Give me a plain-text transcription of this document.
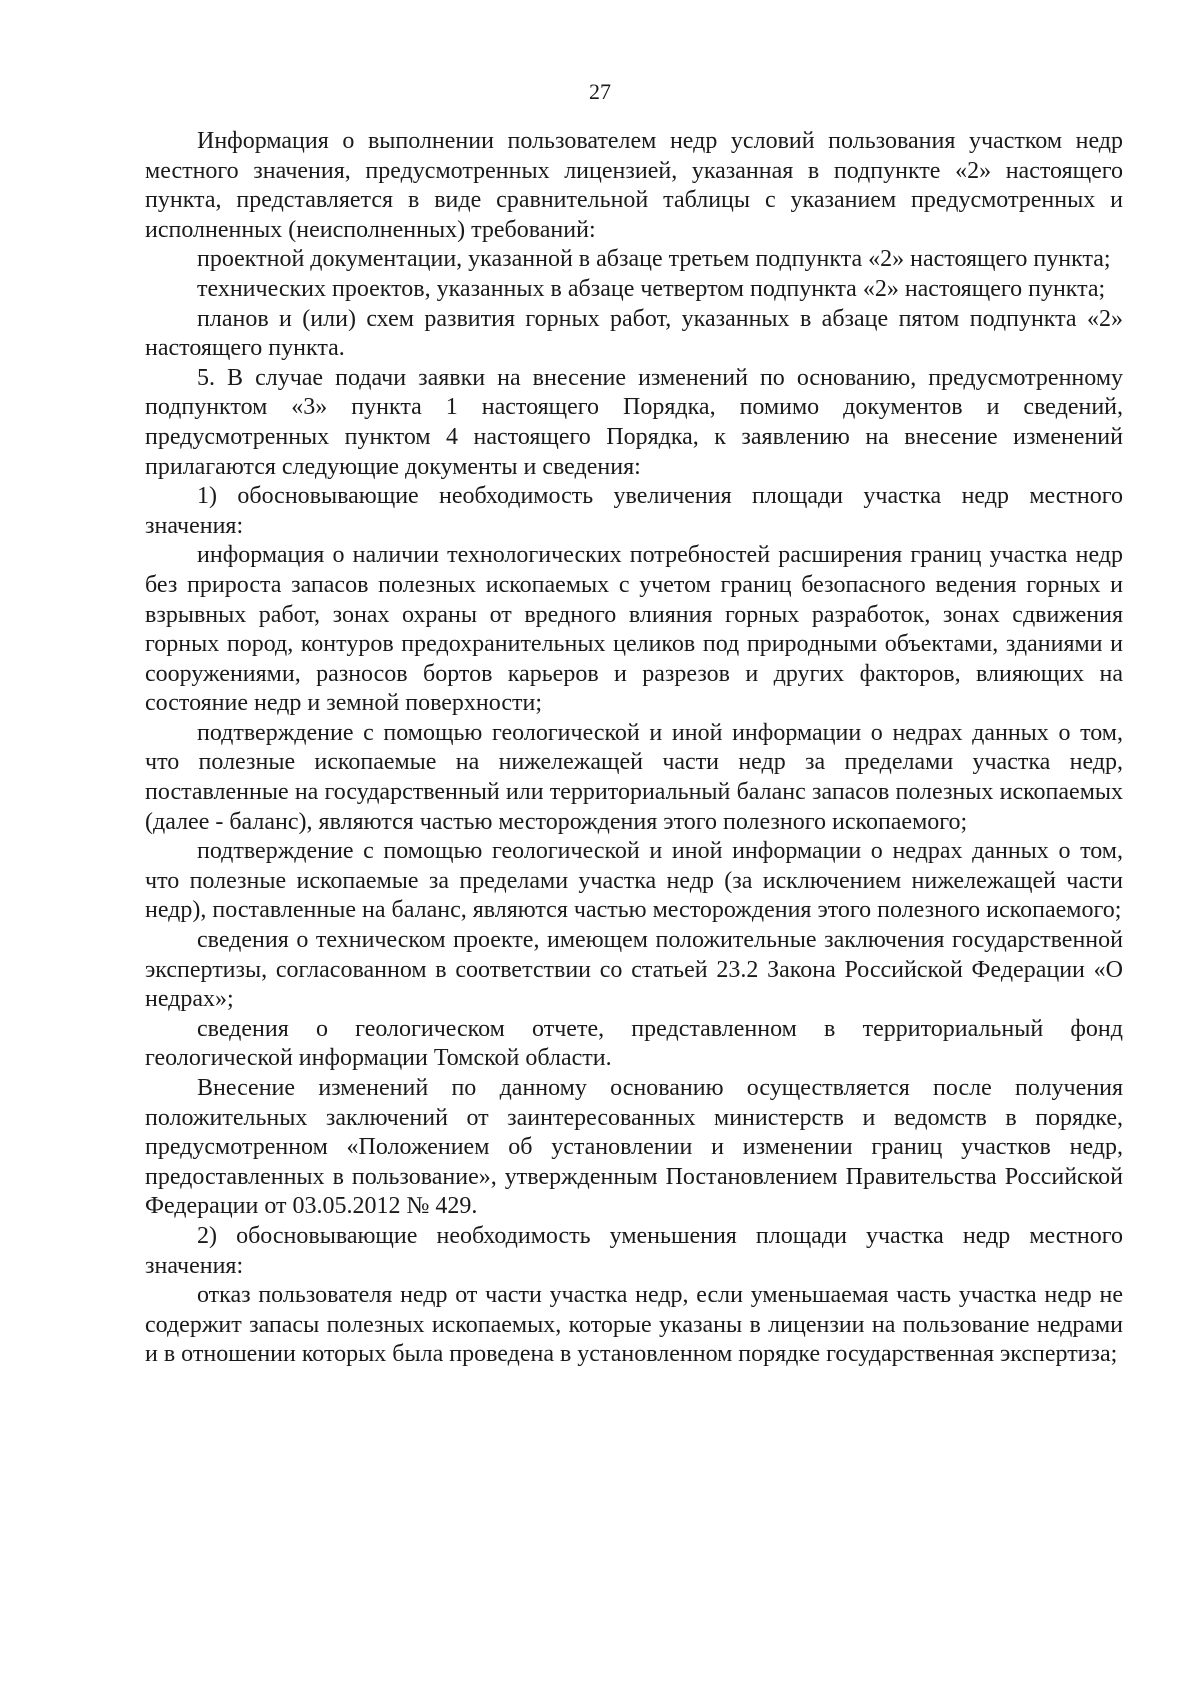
27

Информация о выполнении пользователем недр условий пользования участком недр местного значения, предусмотренных лицензией, указанная в подпункте «2» настоящего пункта, представляется в виде сравнительной таблицы с указанием предусмотренных и исполненных (неисполненных) требований:

проектной документации, указанной в абзаце третьем подпункта «2» настоящего пункта;

технических проектов, указанных в абзаце четвертом подпункта «2» настоящего пункта;

планов и (или) схем развития горных работ, указанных в абзаце пятом подпункта «2» настоящего пункта.

5. В случае подачи заявки на внесение изменений по основанию, предусмотренному подпунктом «3» пункта 1 настоящего Порядка, помимо документов и сведений, предусмотренных пунктом 4 настоящего Порядка, к заявлению на внесение изменений прилагаются следующие документы и сведения:

1) обосновывающие необходимость увеличения площади участка недр местного значения:

информация о наличии технологических потребностей расширения границ участка недр без прироста запасов полезных ископаемых с учетом границ безопасного ведения горных и взрывных работ, зонах охраны от вредного влияния горных разработок, зонах сдвижения горных пород, контуров предохранительных целиков под природными объектами, зданиями и сооружениями, разносов бортов карьеров и разрезов и других факторов, влияющих на состояние недр и земной поверхности;

подтверждение с помощью геологической и иной информации о недрах данных о том, что полезные ископаемые на нижележащей части недр за пределами участка недр, поставленные на государственный или территориальный баланс запасов полезных ископаемых (далее - баланс), являются частью месторождения этого полезного ископаемого;

подтверждение с помощью геологической и иной информации о недрах данных о том, что полезные ископаемые за пределами участка недр (за исключением нижележащей части недр), поставленные на баланс, являются частью месторождения этого полезного ископаемого;

сведения о техническом проекте, имеющем положительные заключения государственной экспертизы, согласованном в соответствии со статьей 23.2 Закона Российской Федерации «О недрах»;

сведения о геологическом отчете, представленном в территориальный фонд геологической информации Томской области.

Внесение изменений по данному основанию осуществляется после получения положительных заключений от заинтересованных министерств и ведомств в порядке, предусмотренном «Положением об установлении и изменении границ участков недр, предоставленных в пользование», утвержденным Постановлением Правительства Российской Федерации от 03.05.2012 № 429.

2) обосновывающие необходимость уменьшения площади участка недр местного значения:

отказ пользователя недр от части участка недр, если уменьшаемая часть участка недр не содержит запасы полезных ископаемых, которые указаны в лицензии на пользование недрами и в отношении которых была проведена в установленном порядке государственная экспертиза;
